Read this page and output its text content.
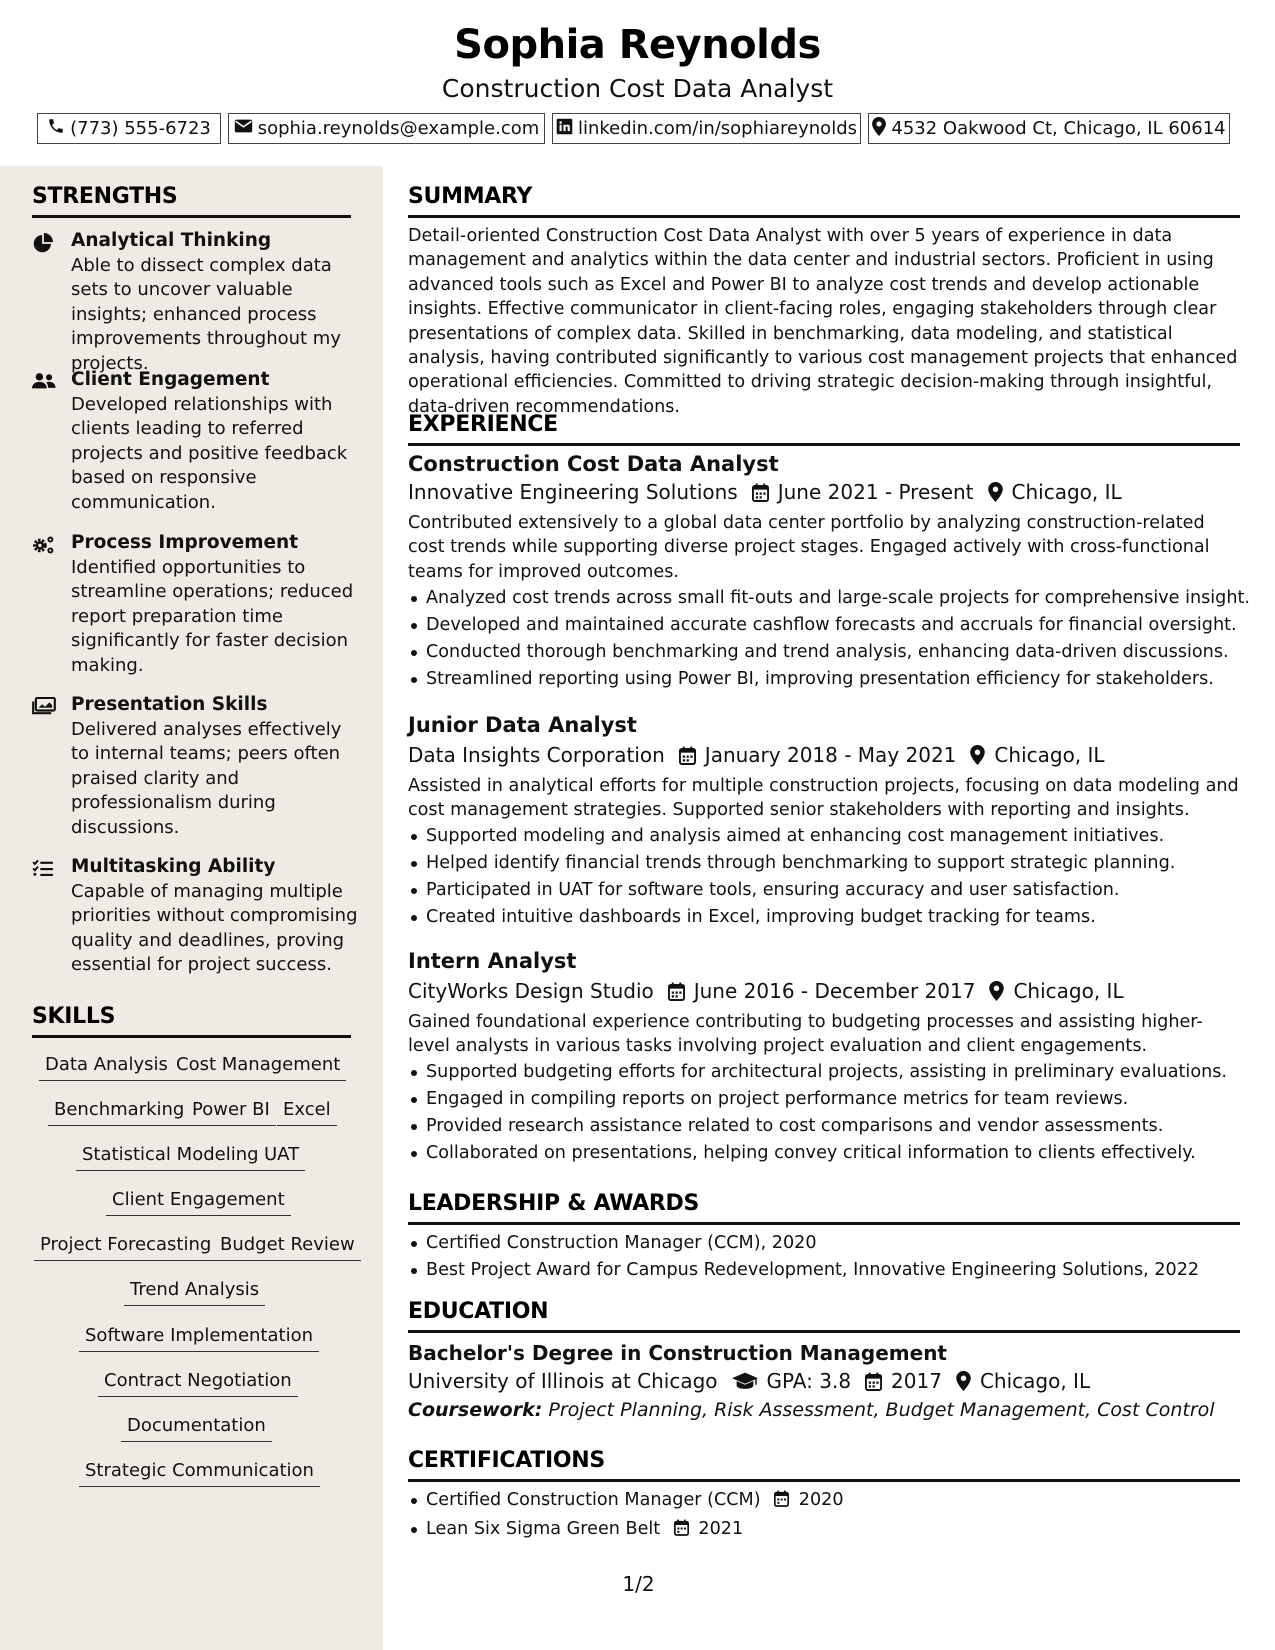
Sophia Reynolds
Construction Cost Data Analyst
(773) 555-6723	sophia.reynolds@example.com linkedin.com/in/sophiareynolds 4532 Oakwood Ct, Chicago, IL 60614
STRENGTHS
Analytical Thinking
Able to dissect complex data sets to uncover valuable insights; enhanced process improvements throughout my projects.
Client Engagement
Developed relationships with clients leading to referred projects and positive feedback based on responsive communication.
Process Improvement
Identified opportunities to streamline operations; reduced report preparation time significantly for faster decision making.
Presentation Skills
Delivered analyses effectively to internal teams; peers often praised clarity and professionalism during discussions.
Multitasking Ability
Capable of managing multiple priorities without compromising quality and deadlines, proving essential for project success.
SKILLS
Data Analysis Cost Management
Benchmarking Power BI Excel
Statistical Modeling UAT
Client Engagement
Project Forecasting Budget Review
Trend Analysis
Software Implementation
Contract Negotiation
Documentation
Strategic Communication
SUMMARY
Detail-oriented Construction Cost Data Analyst with over 5 years of experience in data management and analytics within the data center and industrial sectors. Proficient in using advanced tools such as Excel and Power BI to analyze cost trends and develop actionable insights. Effective communicator in client-facing roles, engaging stakeholders through clear presentations of complex data. Skilled in benchmarking, data modeling, and statistical analysis, having contributed significantly to various cost management projects that enhanced operational efficiencies. Committed to driving strategic decision-making through insightful, data-driven recommendations.
EXPERIENCE
Construction Cost Data Analyst
Innovative Engineering Solutions June 2021 - Present Chicago, IL
Contributed extensively to a global data center portfolio by analyzing construction-related cost trends while supporting diverse project stages. Engaged actively with cross-functional teams for improved outcomes.
Analyzed cost trends across small fit-outs and large-scale projects for comprehensive insight.
Developed and maintained accurate cashflow forecasts and accruals for financial oversight.
Conducted thorough benchmarking and trend analysis, enhancing data-driven discussions.
Streamlined reporting using Power BI, improving presentation efficiency for stakeholders.
Junior Data Analyst
Data Insights Corporation January 2018 - May 2021 Chicago, IL
Assisted in analytical efforts for multiple construction projects, focusing on data modeling and cost management strategies. Supported senior stakeholders with reporting and insights.
Supported modeling and analysis aimed at enhancing cost management initiatives.
Helped identify financial trends through benchmarking to support strategic planning.
Participated in UAT for software tools, ensuring accuracy and user satisfaction.
Created intuitive dashboards in Excel, improving budget tracking for teams.
Intern Analyst
CityWorks Design Studio June 2016 - December 2017 Chicago, IL
Gained foundational experience contributing to budgeting processes and assisting higher-level analysts in various tasks involving project evaluation and client engagements.
Supported budgeting efforts for architectural projects, assisting in preliminary evaluations.
Engaged in compiling reports on project performance metrics for team reviews.
Provided research assistance related to cost comparisons and vendor assessments.
Collaborated on presentations, helping convey critical information to clients effectively.
LEADERSHIP & AWARDS
Certified Construction Manager (CCM), 2020
Best Project Award for Campus Redevelopment, Innovative Engineering Solutions, 2022
EDUCATION
Bachelor's Degree in Construction Management
University of Illinois at Chicago GPA: 3.8 2017 Chicago, IL
Coursework: Project Planning, Risk Assessment, Budget Management, Cost Control
CERTIFICATIONS
Certified Construction Manager (CCM) 2020
Lean Six Sigma Green Belt 2021
1/2
